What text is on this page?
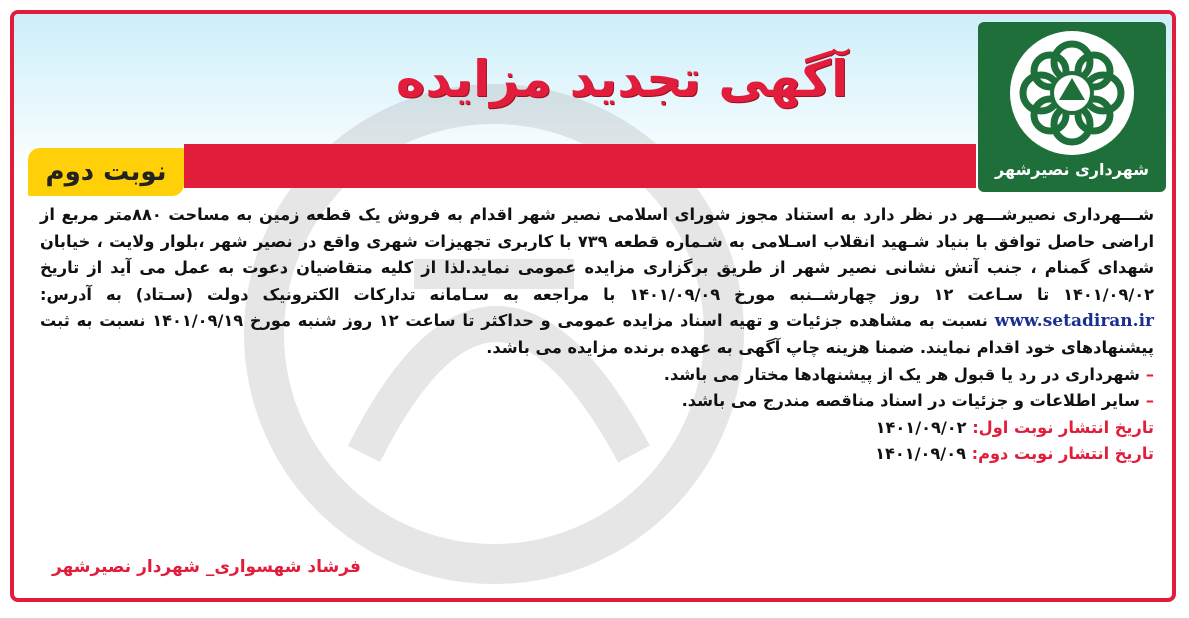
آگهی تجدید مزایده
نوبت دوم	شهرداری نصیرشهر

شـــهرداری نصیرشـــهر در نظر دارد به استناد مجوز شورای اسلامی نصیر شهر اقدام به فروش یک قطعه زمین به مساحت ۸۸۰متر مربع از اراضی حاصل توافق با بنیاد شـهید انقلاب اسـلامی به شـماره قطعه ۷۳۹ با کاربری تجهیزات شهری واقع در نصیر شهر ،بلوار ولایت ، خیابان شهدای گمنام ، جنب آتش نشانی نصیر شهر از طریق برگزاری مزایده عمومی نماید.لذا از کلیه متقاضیان دعوت به عمل می آید از تاریخ ۱۴۰۱/۰۹/۰۲ تا سـاعت ۱۲ روز چهارشــنبه مورخ ۱۴۰۱/۰۹/۰۹ با مراجعه به سـامانه تدارکات الکترونیک دولت (سـتاد) به آدرس: www.setadiran.ir نسبت به مشاهده جزئیات و تهیه اسناد مزایده عمومی و حداکثر تا ساعت ۱۲ روز شنبه مورخ ۱۴۰۱/۰۹/۱۹ نسبت به ثبت پیشنهادهای خود اقدام نمایند. ضمنا هزینه چاپ آگهی به عهده برنده مزایده می باشد.

–شهرداری در رد یا قبول هر یک از پیشنهادها مختار می باشد.

–سایر اطلاعات و جزئیات در اسناد مناقصه مندرج می باشد.

تاریخ انتشار نوبت اول: ۱۴۰۱/۰۹/۰۲

تاریخ انتشار نوبت دوم: ۱۴۰۱/۰۹/۰۹

فرشاد شهسواری_ شهردار نصیرشهر
